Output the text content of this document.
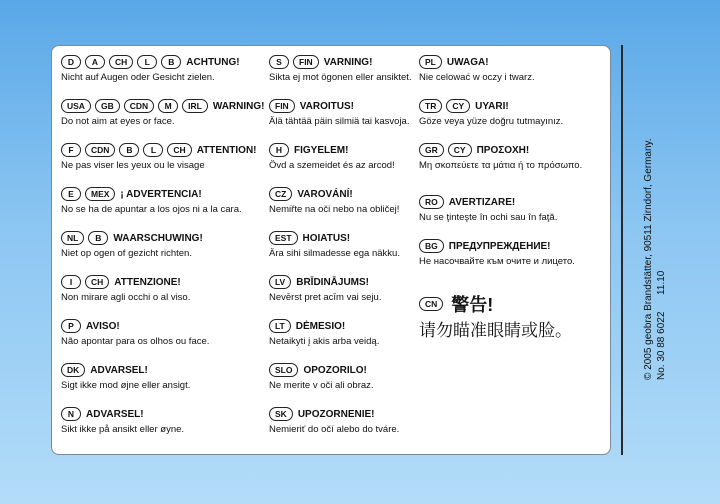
D	A	CH	L	B	ACHTUNG!
Nicht auf Augen oder Gesicht zielen.
USA	GB	CDN	M	IRL	WARNING!
Do not aim at eyes or face.
F	CDN	B	L	CH	ATTENTION!
Ne pas viser les yeux ou le visage
E	MEX	¡ ADVERTENCIA!
No se ha de apuntar a los ojos ni a la cara.
NL	B	WAARSCHUWING!
Niet op ogen of gezicht richten.
I	CH	ATTENZIONE!
Non mirare agli occhi o al viso.
P	AVISO!
Não apontar para os olhos ou face.
DK	ADVARSEL!
Sigt ikke mod øjne eller ansigt.
N	ADVARSEL!
Sikt ikke på ansikt eller øyne.
S	FIN	VARNING!
Sikta ej mot ögonen eller ansiktet.
FIN	VAROITUS!
Älä tähtää päin silmiä tai kasvoja.
H	FIGYELEM!
Övd a szemeidet és az arcod!
CZ	VAROVÁNÍ!
Nemiřte na oči nebo na obličej!
EST	HOIATUS!
Ära sihi silmadesse ega näkku.
LV	BRĪDINĀJUMS!
Nevērst pret acīm vai seju.
LT	DĖMESIO!
Netaikyti į akis arba veidą.
SLO	OPOZORILO!
Ne merite v oči ali obraz.
SK	UPOZORNENIE!
Nemieriť do očí alebo do tváre.
PL	UWAGA!
Nie celować w oczy i twarz.
TR	CY	UYARI!
Göze veya yüze doğru tutmayınız.
GR	CY	ΠΡΟΣΟΧΗ!
Μη σκοπεύετε τα μάτια ή το πρόσωπο.
RO	AVERTIZARE!
Nu se ţinteşte în ochi sau în faţă.
BG	ПРЕДУПРЕЖДЕНИЕ!
Не насочвайте към очите и лицето.
CN 警告!
请勿瞄准眼睛或脸。	© 2005 geobra Brandstätter, 90511 Zirndorf, Germany. No. 30 88 6022      11.10
